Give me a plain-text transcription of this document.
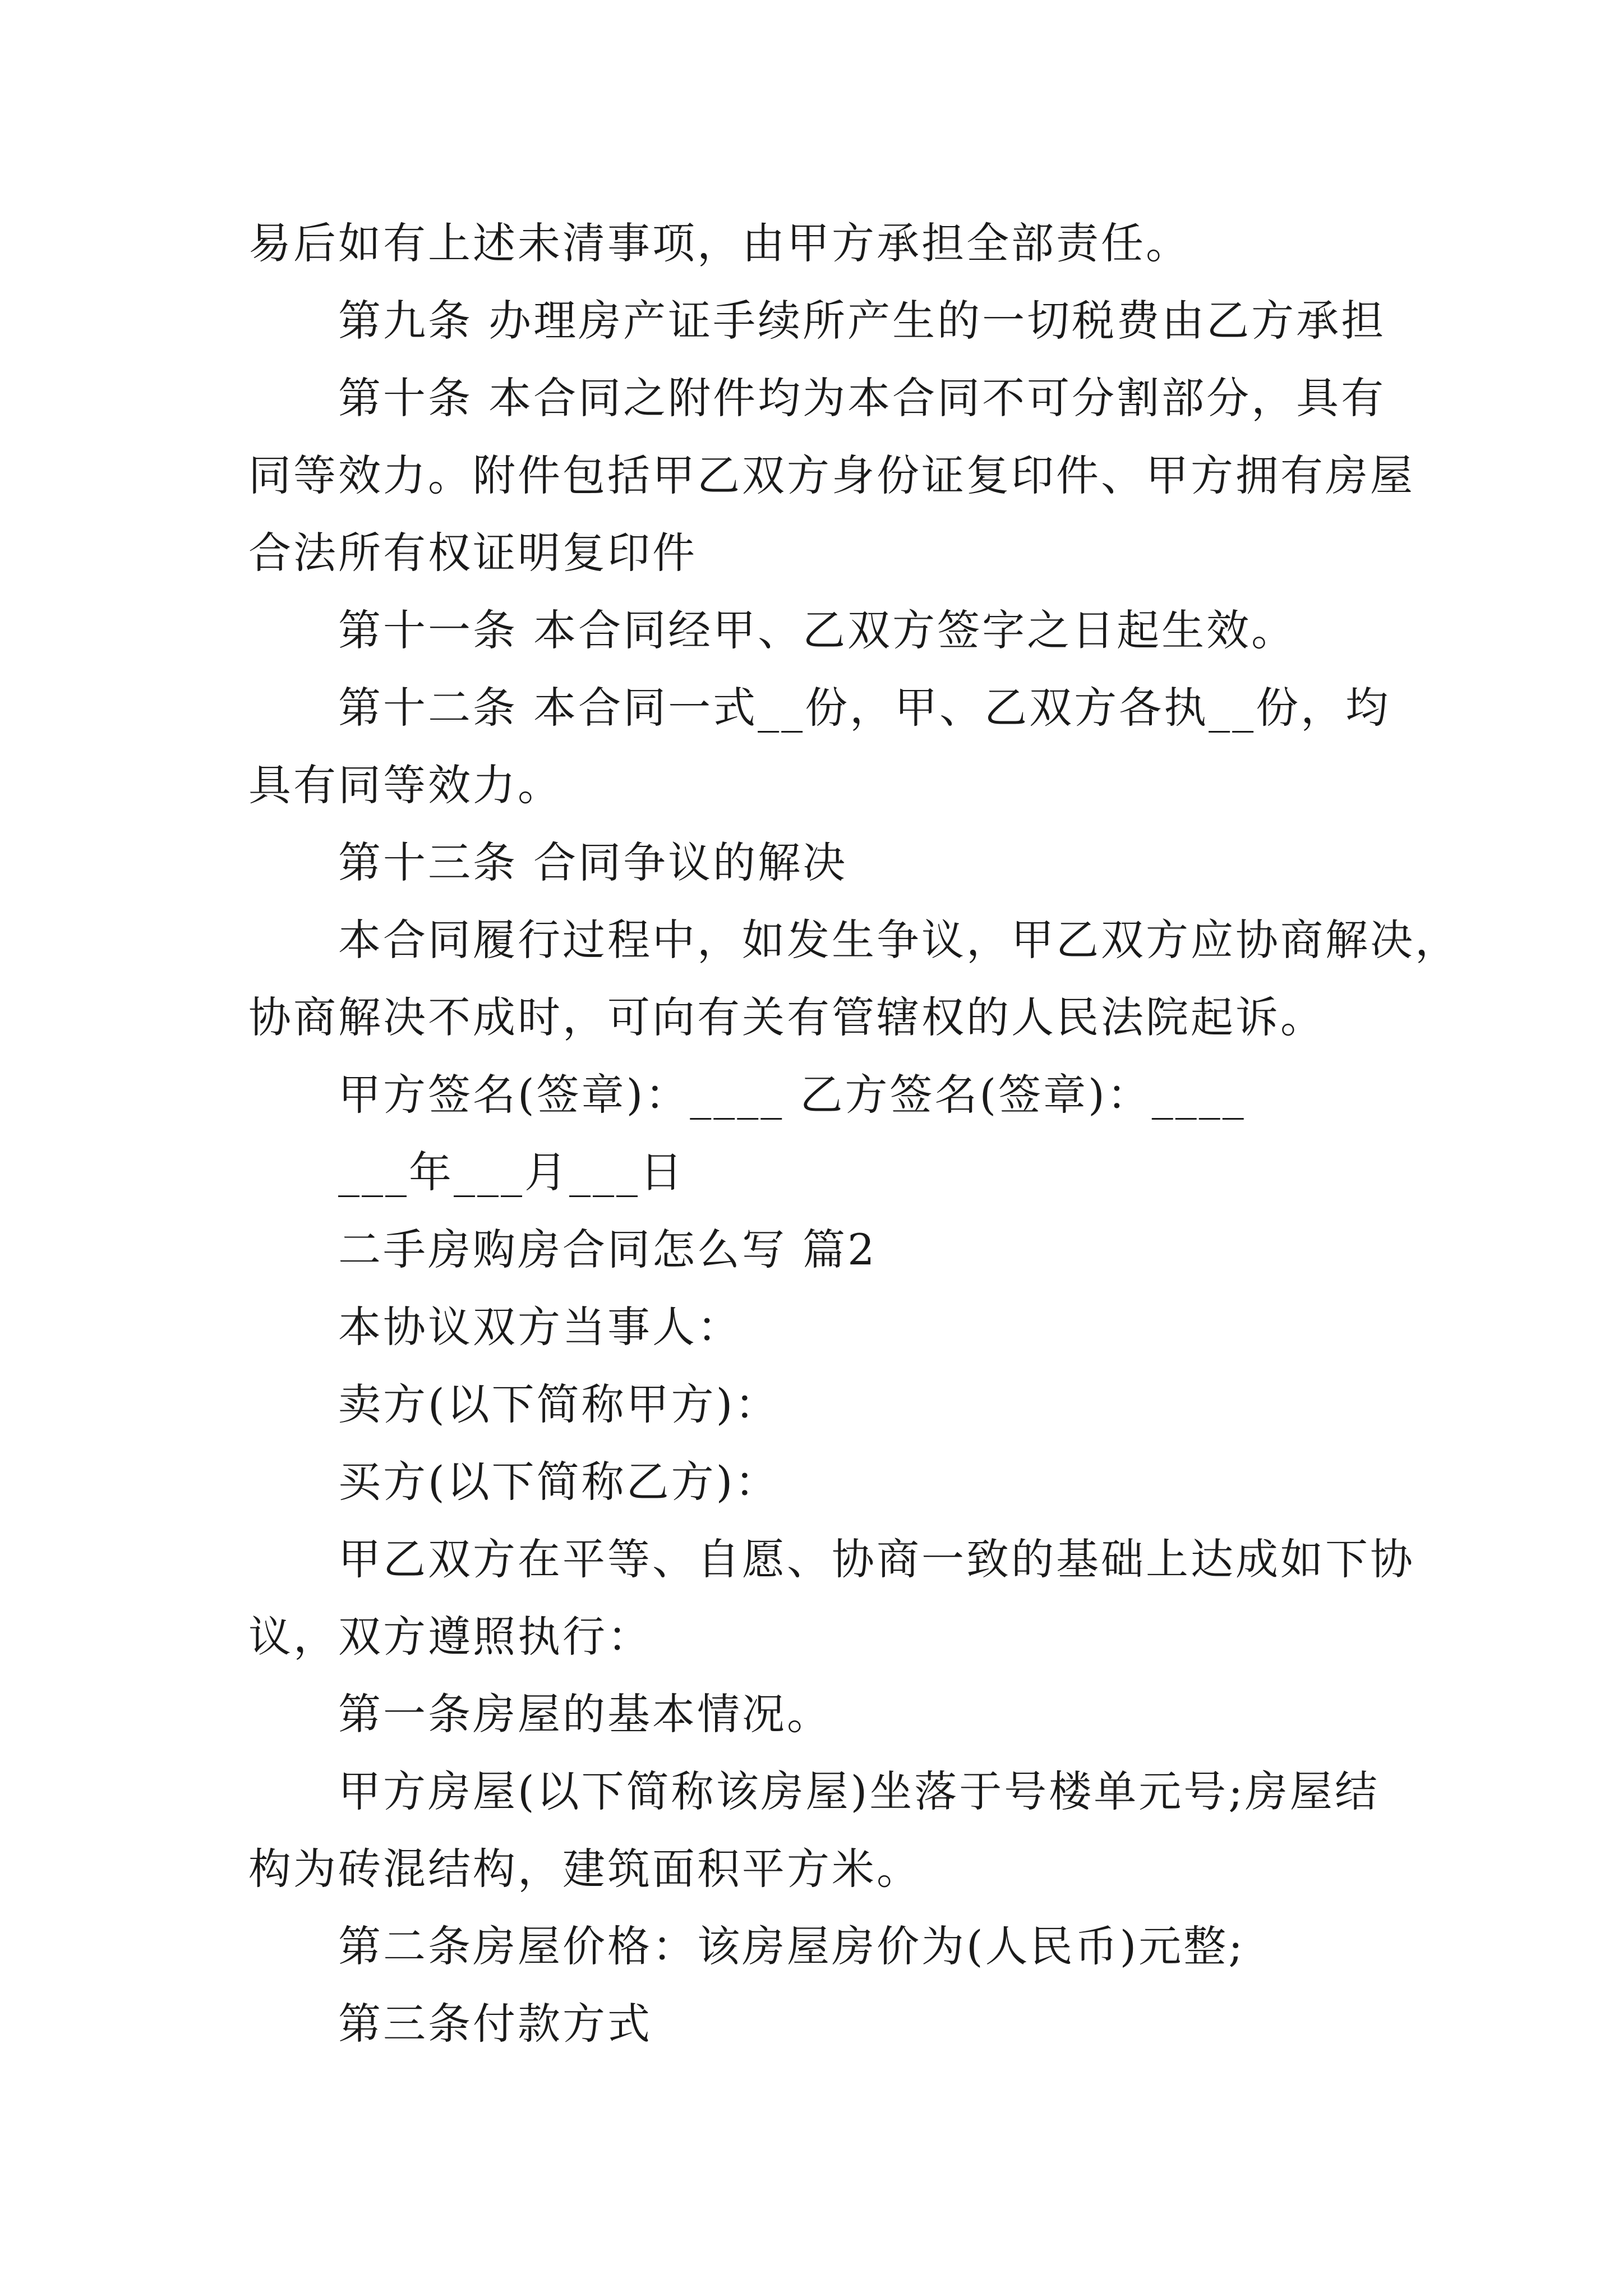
易后如有上述未清事项，由甲方承担全部责任。
第九条 办理房产证手续所产生的一切税费由乙方承担
第十条 本合同之附件均为本合同不可分割部分，具有
同等效力。附件包括甲乙双方身份证复印件、甲方拥有房屋
合法所有权证明复印件
第十一条 本合同经甲、乙双方签字之日起生效。
第十二条 本合同一式__份，甲、乙双方各执__份，均
具有同等效力。
第十三条 合同争议的解决
本合同履行过程中，如发生争议，甲乙双方应协商解决，
协商解决不成时，可向有关有管辖权的人民法院起诉。
甲方签名(签章)：____ 乙方签名(签章)：____
___年___月___日
二手房购房合同怎么写 篇2
本协议双方当事人：
卖方(以下简称甲方)：
买方(以下简称乙方)：
甲乙双方在平等、自愿、协商一致的基础上达成如下协
议，双方遵照执行：
第一条房屋的基本情况。
甲方房屋(以下简称该房屋)坐落于号楼单元号;房屋结
构为砖混结构，建筑面积平方米。
第二条房屋价格：该房屋房价为(人民币)元整;
第三条付款方式
